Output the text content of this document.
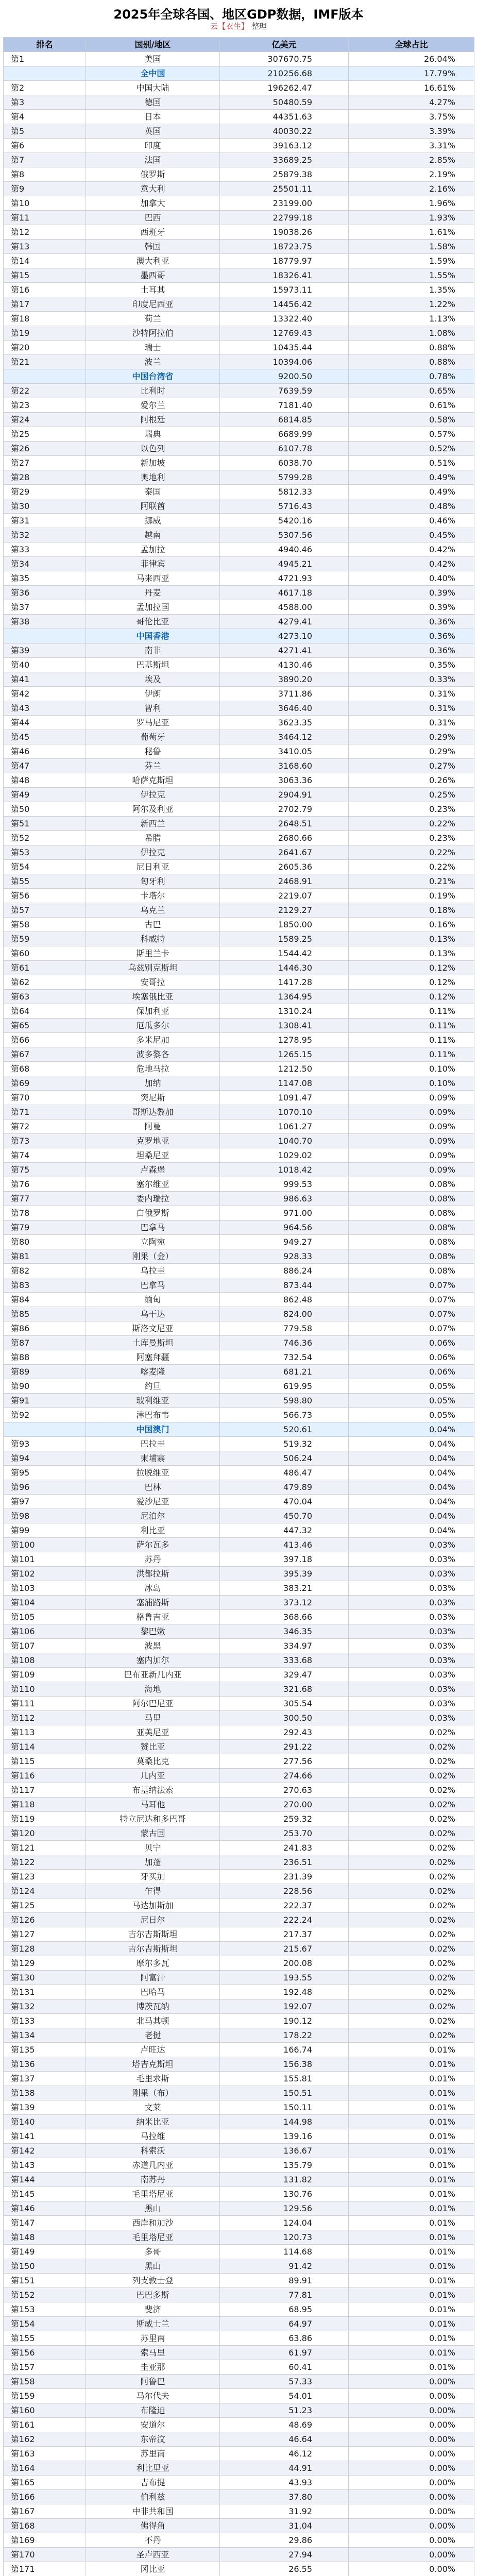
2025年全球各国、地区GDP数据，IMF版本
云【衣生】 整理
排名	国别/地区	亿美元	全球占比
第1	美国	307670.75	26.04%
	全中国	210256.68	17.79%
第2	中国大陆	196262.47	16.61%
第3	德国	50480.59	4.27%
第4	日本	44351.63	3.75%
第5	英国	40030.22	3.39%
第6	印度	39163.12	3.31%
第7	法国	33689.25	2.85%
第8	俄罗斯	25879.38	2.19%
第9	意大利	25501.11	2.16%
第10	加拿大	23199.00	1.96%
第11	巴西	22799.18	1.93%
第12	西班牙	19038.26	1.61%
第13	韩国	18723.75	1.58%
第14	澳大利亚	18779.97	1.59%
第15	墨西哥	18326.41	1.55%
第16	土耳其	15973.11	1.35%
第17	印度尼西亚	14456.42	1.22%
第18	荷兰	13322.40	1.13%
第19	沙特阿拉伯	12769.43	1.08%
第20	瑞士	10435.44	0.88%
第21	波兰	10394.06	0.88%
	中国台湾省	9200.50	0.78%
第22	比利时	7639.59	0.65%
第23	爱尔兰	7181.40	0.61%
第24	阿根廷	6814.85	0.58%
第25	瑞典	6689.99	0.57%
第26	以色列	6107.78	0.52%
第27	新加坡	6038.70	0.51%
第28	奥地利	5799.28	0.49%
第29	泰国	5812.33	0.49%
第30	阿联酋	5716.43	0.48%
第31	挪威	5420.16	0.46%
第32	越南	5307.56	0.45%
第33	孟加拉	4940.46	0.42%
第34	菲律宾	4945.21	0.42%
第35	马来西亚	4721.93	0.40%
第36	丹麦	4617.18	0.39%
第37	孟加拉国	4588.00	0.39%
第38	哥伦比亚	4279.41	0.36%
	中国香港	4273.10	0.36%
第39	南非	4271.41	0.36%
第40	巴基斯坦	4130.46	0.35%
第41	埃及	3890.20	0.33%
第42	伊朗	3711.86	0.31%
第43	智利	3646.40	0.31%
第44	罗马尼亚	3623.35	0.31%
第45	葡萄牙	3464.12	0.29%
第46	秘鲁	3410.05	0.29%
第47	芬兰	3168.60	0.27%
第48	哈萨克斯坦	3063.36	0.26%
第49	伊拉克	2904.91	0.25%
第50	阿尔及利亚	2702.79	0.23%
第51	新西兰	2648.51	0.22%
第52	希腊	2680.66	0.23%
第53	伊拉克	2641.67	0.22%
第54	尼日利亚	2605.36	0.22%
第55	匈牙利	2468.91	0.21%
第56	卡塔尔	2219.07	0.19%
第57	乌克兰	2129.27	0.18%
第58	古巴	1850.00	0.16%
第59	科威特	1589.25	0.13%
第60	斯里兰卡	1544.42	0.13%
第61	乌兹别克斯坦	1446.30	0.12%
第62	安哥拉	1417.28	0.12%
第63	埃塞俄比亚	1364.95	0.12%
第64	保加利亚	1310.24	0.11%
第65	厄瓜多尔	1308.41	0.11%
第66	多米尼加	1278.95	0.11%
第67	波多黎各	1265.15	0.11%
第68	危地马拉	1212.50	0.10%
第69	加纳	1147.08	0.10%
第70	突尼斯	1091.47	0.09%
第71	哥斯达黎加	1070.10	0.09%
第72	阿曼	1061.27	0.09%
第73	克罗地亚	1040.70	0.09%
第74	坦桑尼亚	1029.02	0.09%
第75	卢森堡	1018.42	0.09%
第76	塞尔维亚	999.53	0.08%
第77	委内瑞拉	986.63	0.08%
第78	白俄罗斯	971.00	0.08%
第79	巴拿马	964.56	0.08%
第80	立陶宛	949.27	0.08%
第81	刚果（金）	928.33	0.08%
第82	乌拉圭	886.24	0.08%
第83	巴拿马	873.44	0.07%
第84	缅甸	862.48	0.07%
第85	乌干达	824.00	0.07%
第86	斯洛文尼亚	779.58	0.07%
第87	土库曼斯坦	746.36	0.06%
第88	阿塞拜疆	732.54	0.06%
第89	喀麦隆	681.21	0.06%
第90	约旦	619.95	0.05%
第91	玻利维亚	598.80	0.05%
第92	津巴布韦	566.73	0.05%
	中国澳门	520.61	0.04%
第93	巴拉圭	519.32	0.04%
第94	柬埔寨	506.24	0.04%
第95	拉脱维亚	486.47	0.04%
第96	巴林	479.89	0.04%
第97	爱沙尼亚	470.04	0.04%
第98	尼泊尔	450.70	0.04%
第99	利比亚	447.32	0.04%
第100	萨尔瓦多	413.46	0.03%
第101	苏丹	397.18	0.03%
第102	洪都拉斯	395.39	0.03%
第103	冰岛	383.21	0.03%
第104	塞浦路斯	373.12	0.03%
第105	格鲁吉亚	368.66	0.03%
第106	黎巴嫩	346.35	0.03%
第107	波黑	334.97	0.03%
第108	塞内加尔	333.68	0.03%
第109	巴布亚新几内亚	329.47	0.03%
第110	海地	321.68	0.03%
第111	阿尔巴尼亚	305.54	0.03%
第112	马里	300.50	0.03%
第113	亚美尼亚	292.43	0.02%
第114	赞比亚	291.22	0.02%
第115	莫桑比克	277.56	0.02%
第116	几内亚	274.66	0.02%
第117	布基纳法索	270.63	0.02%
第118	马耳他	270.00	0.02%
第119	特立尼达和多巴哥	259.32	0.02%
第120	蒙古国	253.70	0.02%
第121	贝宁	241.83	0.02%
第122	加蓬	236.51	0.02%
第123	牙买加	231.39	0.02%
第124	乍得	228.56	0.02%
第125	马达加斯加	222.37	0.02%
第126	尼日尔	222.24	0.02%
第127	吉尔吉斯斯坦	217.37	0.02%
第128	吉尔吉斯斯坦	215.67	0.02%
第129	摩尔多瓦	200.08	0.02%
第130	阿富汗	193.55	0.02%
第131	巴哈马	192.48	0.02%
第132	博茨瓦纳	192.07	0.02%
第133	北马其顿	190.12	0.02%
第134	老挝	178.22	0.02%
第135	卢旺达	166.74	0.01%
第136	塔吉克斯坦	156.38	0.01%
第137	毛里求斯	155.81	0.01%
第138	刚果（布）	150.51	0.01%
第139	文莱	150.11	0.01%
第140	纳米比亚	144.98	0.01%
第141	马拉维	139.16	0.01%
第142	科索沃	136.67	0.01%
第143	赤道几内亚	135.79	0.01%
第144	南苏丹	131.82	0.01%
第145	毛里塔尼亚	130.76	0.01%
第146	黑山	129.56	0.01%
第147	西岸和加沙	124.04	0.01%
第148	毛里塔尼亚	120.73	0.01%
第149	多哥	114.68	0.01%
第150	黑山	91.42	0.01%
第151	列支敦士登	89.91	0.01%
第152	巴巴多斯	77.81	0.01%
第153	斐济	68.95	0.01%
第154	斯威士兰	64.97	0.01%
第155	苏里南	63.86	0.01%
第156	索马里	61.97	0.01%
第157	圭亚那	60.41	0.01%
第158	阿鲁巴	57.33	0.00%
第159	马尔代夫	54.01	0.00%
第160	布隆迪	51.23	0.00%
第161	安道尔	48.69	0.00%
第162	东帝汶	46.64	0.00%
第163	苏里南	46.12	0.00%
第164	利比里亚	44.91	0.00%
第165	吉布提	43.93	0.00%
第166	伯利兹	37.80	0.00%
第167	中非共和国	31.92	0.00%
第168	佛得角	31.04	0.00%
第169	不丹	29.86	0.00%
第170	圣卢西亚	27.94	0.00%
第171	冈比亚	26.55	0.00%
